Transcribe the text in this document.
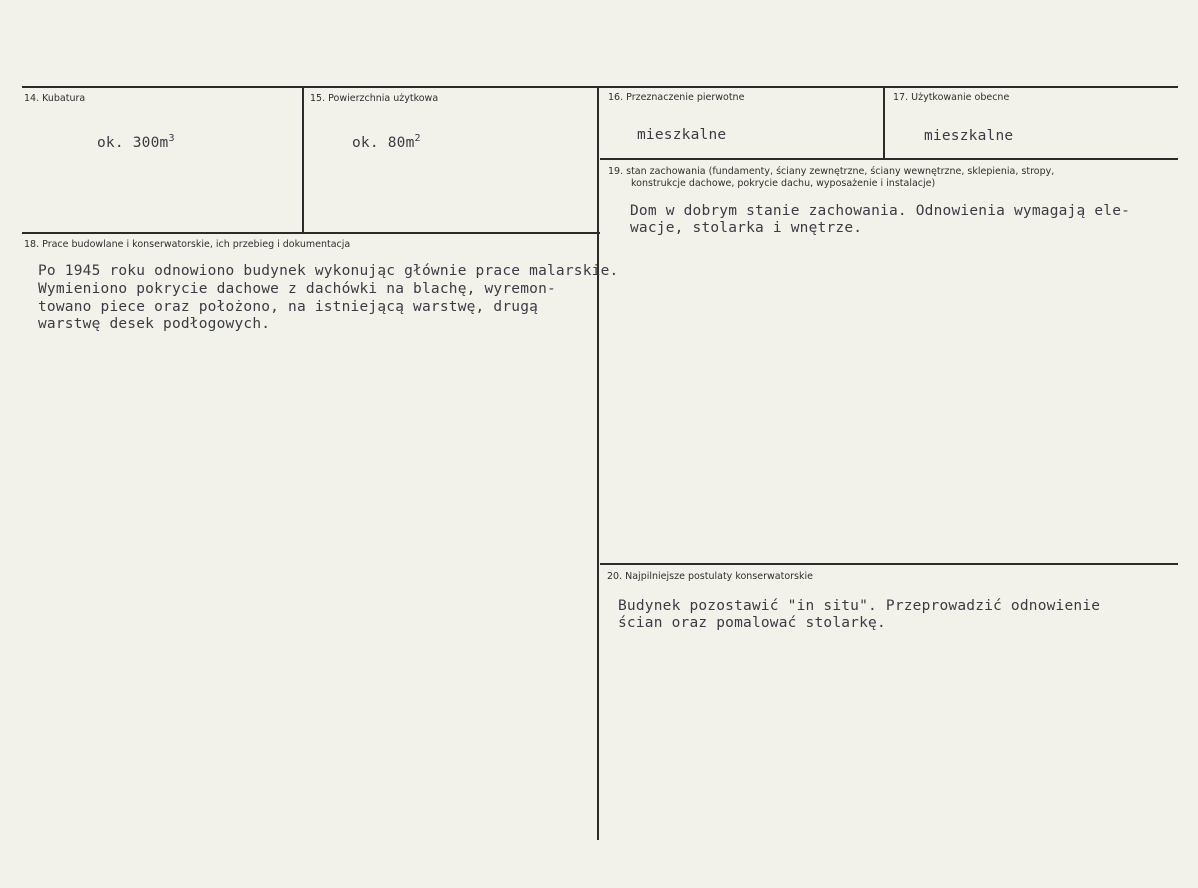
14. Kubatura
ok. $300m^3$
15. Powierzchnia użytkowa
ok. $80m^2$
16. Przeznaczenie pierwotne
mieszkalne
17. Użytkowanie obecne
mieszkalne
19. stan zachowania (fundamenty, ściany zewnętrzne, ściany wewnętrzne, sklepienia, stropy,
konstrukcje dachowe, pokrycie dachu, wyposażenie i instalacje)
Dom w dobrym stanie zachowania. Odnowienia wymagają ele-
wacje, stolarka i wnętrze.
18. Prace budowlane i konserwatorskie, ich przebieg i dokumentacja
Po 1945 roku odnowiono budynek wykonując głównie prace malarskie.
Wymieniono pokrycie dachowe z dachówki na blachę, wyremon-
towano piece oraz położono, na istniejącą warstwę, drugą
warstwę desek podłogowych.
20. Najpilniejsze postulaty konserwatorskie
Budynek pozostawić "in situ". Przeprowadzić odnowienie
ścian oraz pomalować stolarkę.
